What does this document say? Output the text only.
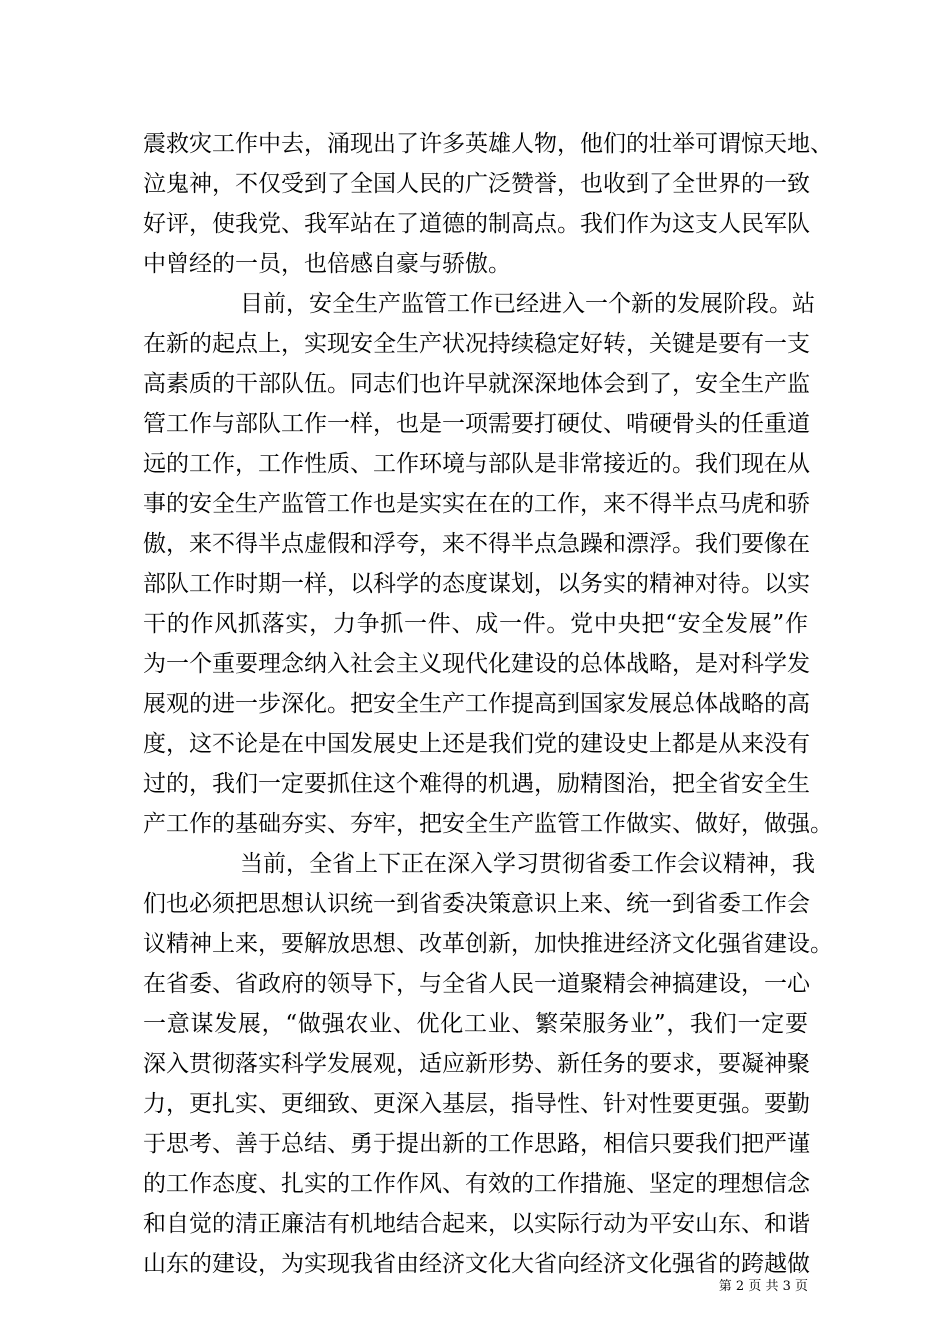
震救灾工作中去，涌现出了许多英雄人物，他们的壮举可谓惊天地、
泣鬼神，不仅受到了全国人民的广泛赞誉，也收到了全世界的一致
好评，使我党、我军站在了道德的制高点。我们作为这支人民军队
中曾经的一员，也倍感自豪与骄傲。
目前，安全生产监管工作已经进入一个新的发展阶段。站
在新的起点上，实现安全生产状况持续稳定好转，关键是要有一支
高素质的干部队伍。同志们也许早就深深地体会到了，安全生产监
管工作与部队工作一样，也是一项需要打硬仗、啃硬骨头的任重道
远的工作，工作性质、工作环境与部队是非常接近的。我们现在从
事的安全生产监管工作也是实实在在的工作，来不得半点马虎和骄
傲，来不得半点虚假和浮夸，来不得半点急躁和漂浮。我们要像在
部队工作时期一样，以科学的态度谋划，以务实的精神对待。以实
干的作风抓落实，力争抓一件、成一件。党中央把“安全发展”作
为一个重要理念纳入社会主义现代化建设的总体战略，是对科学发
展观的进一步深化。把安全生产工作提高到国家发展总体战略的高
度，这不论是在中国发展史上还是我们党的建设史上都是从来没有
过的，我们一定要抓住这个难得的机遇，励精图治，把全省安全生
产工作的基础夯实、夯牢，把安全生产监管工作做实、做好，做强。
当前，全省上下正在深入学习贯彻省委工作会议精神，我
们也必须把思想认识统一到省委决策意识上来、统一到省委工作会
议精神上来，要解放思想、改革创新，加快推进经济文化强省建设。
在省委、省政府的领导下，与全省人民一道聚精会神搞建设，一心
一意谋发展，“做强农业、优化工业、繁荣服务业”，我们一定要
深入贯彻落实科学发展观，适应新形势、新任务的要求，要凝神聚
力，更扎实、更细致、更深入基层，指导性、针对性要更强。要勤
于思考、善于总结、勇于提出新的工作思路，相信只要我们把严谨
的工作态度、扎实的工作作风、有效的工作措施、坚定的理想信念
和自觉的清正廉洁有机地结合起来，以实际行动为平安山东、和谐
山东的建设，为实现我省由经济文化大省向经济文化强省的跨越做
第 2 页 共 3 页
